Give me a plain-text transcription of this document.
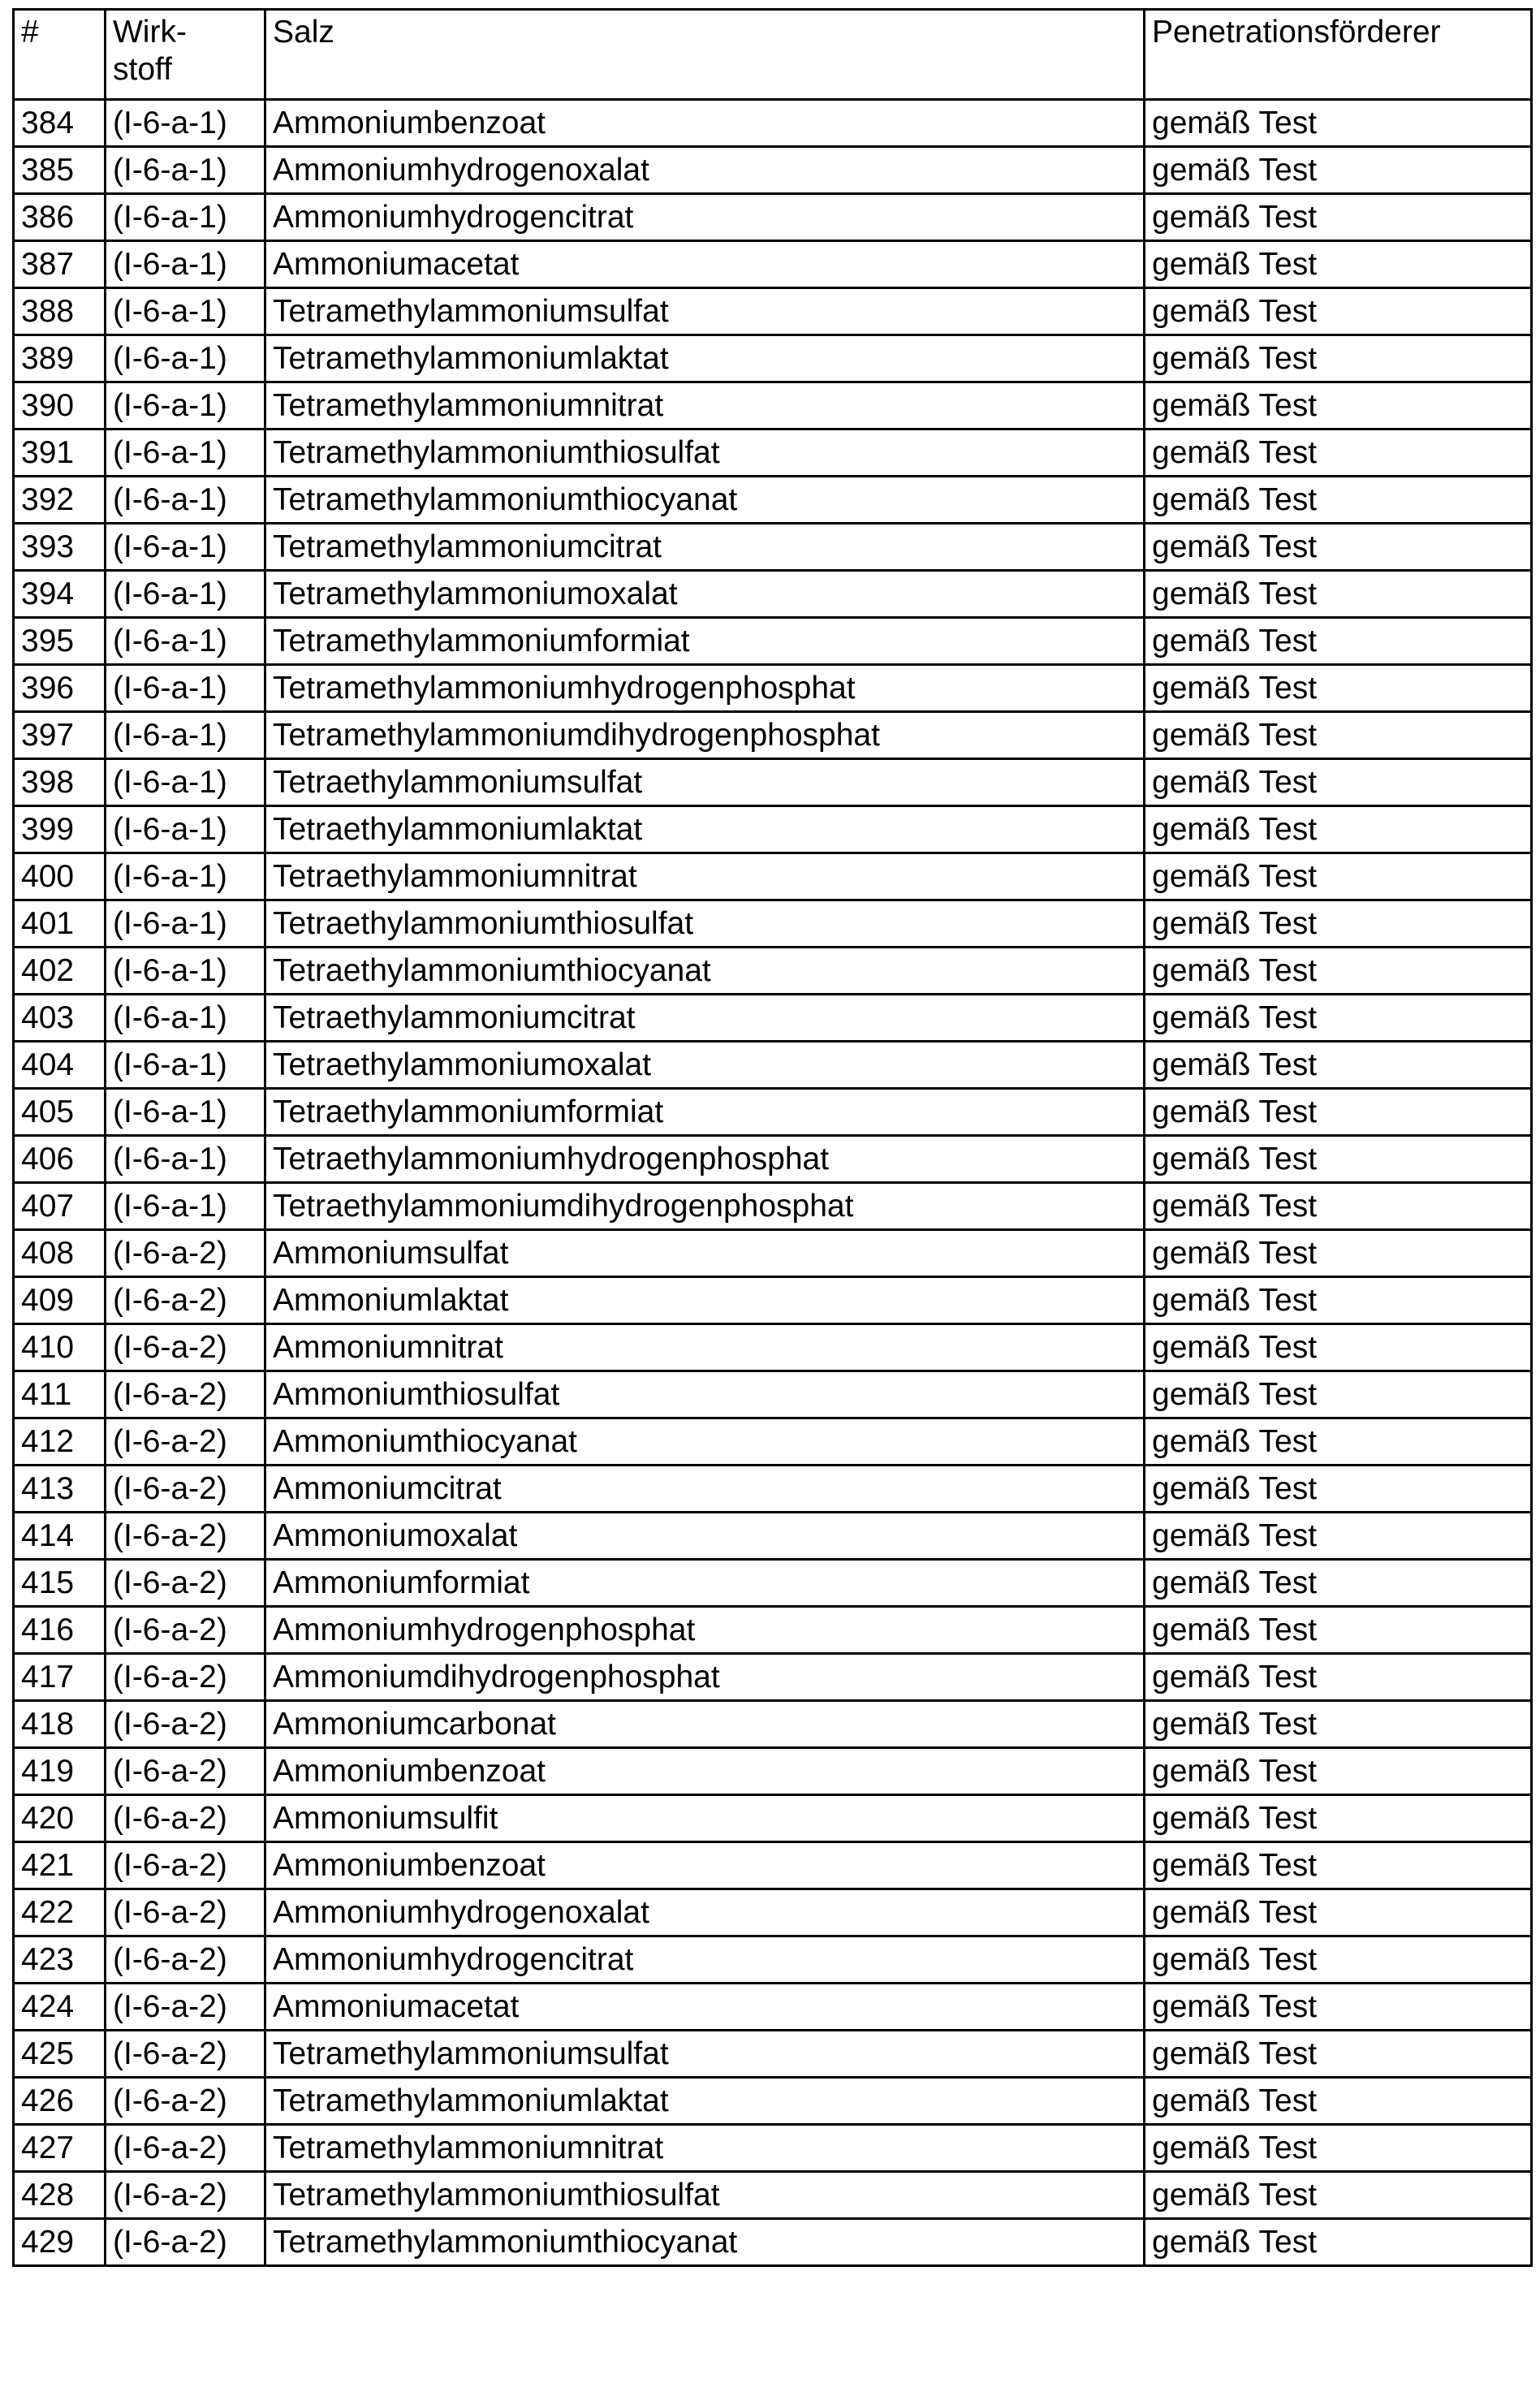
#	Wirk-
stoff	Salz	Penetrationsförderer
384	(I-6-a-1)	Ammoniumbenzoat	gemäß Test
385	(I-6-a-1)	Ammoniumhydrogenoxalat	gemäß Test
386	(I-6-a-1)	Ammoniumhydrogencitrat	gemäß Test
387	(I-6-a-1)	Ammoniumacetat	gemäß Test
388	(I-6-a-1)	Tetramethylammoniumsulfat	gemäß Test
389	(I-6-a-1)	Tetramethylammoniumlaktat	gemäß Test
390	(I-6-a-1)	Tetramethylammoniumnitrat	gemäß Test
391	(I-6-a-1)	Tetramethylammoniumthiosulfat	gemäß Test
392	(I-6-a-1)	Tetramethylammoniumthiocyanat	gemäß Test
393	(I-6-a-1)	Tetramethylammoniumcitrat	gemäß Test
394	(I-6-a-1)	Tetramethylammoniumoxalat	gemäß Test
395	(I-6-a-1)	Tetramethylammoniumformiat	gemäß Test
396	(I-6-a-1)	Tetramethylammoniumhydrogenphosphat	gemäß Test
397	(I-6-a-1)	Tetramethylammoniumdihydrogenphosphat	gemäß Test
398	(I-6-a-1)	Tetraethylammoniumsulfat	gemäß Test
399	(I-6-a-1)	Tetraethylammoniumlaktat	gemäß Test
400	(I-6-a-1)	Tetraethylammoniumnitrat	gemäß Test
401	(I-6-a-1)	Tetraethylammoniumthiosulfat	gemäß Test
402	(I-6-a-1)	Tetraethylammoniumthiocyanat	gemäß Test
403	(I-6-a-1)	Tetraethylammoniumcitrat	gemäß Test
404	(I-6-a-1)	Tetraethylammoniumoxalat	gemäß Test
405	(I-6-a-1)	Tetraethylammoniumformiat	gemäß Test
406	(I-6-a-1)	Tetraethylammoniumhydrogenphosphat	gemäß Test
407	(I-6-a-1)	Tetraethylammoniumdihydrogenphosphat	gemäß Test
408	(I-6-a-2)	Ammoniumsulfat	gemäß Test
409	(I-6-a-2)	Ammoniumlaktat	gemäß Test
410	(I-6-a-2)	Ammoniumnitrat	gemäß Test
411	(I-6-a-2)	Ammoniumthiosulfat	gemäß Test
412	(I-6-a-2)	Ammoniumthiocyanat	gemäß Test
413	(I-6-a-2)	Ammoniumcitrat	gemäß Test
414	(I-6-a-2)	Ammoniumoxalat	gemäß Test
415	(I-6-a-2)	Ammoniumformiat	gemäß Test
416	(I-6-a-2)	Ammoniumhydrogenphosphat	gemäß Test
417	(I-6-a-2)	Ammoniumdihydrogenphosphat	gemäß Test
418	(I-6-a-2)	Ammoniumcarbonat	gemäß Test
419	(I-6-a-2)	Ammoniumbenzoat	gemäß Test
420	(I-6-a-2)	Ammoniumsulfit	gemäß Test
421	(I-6-a-2)	Ammoniumbenzoat	gemäß Test
422	(I-6-a-2)	Ammoniumhydrogenoxalat	gemäß Test
423	(I-6-a-2)	Ammoniumhydrogencitrat	gemäß Test
424	(I-6-a-2)	Ammoniumacetat	gemäß Test
425	(I-6-a-2)	Tetramethylammoniumsulfat	gemäß Test
426	(I-6-a-2)	Tetramethylammoniumlaktat	gemäß Test
427	(I-6-a-2)	Tetramethylammoniumnitrat	gemäß Test
428	(I-6-a-2)	Tetramethylammoniumthiosulfat	gemäß Test
429	(I-6-a-2)	Tetramethylammoniumthiocyanat	gemäß Test
